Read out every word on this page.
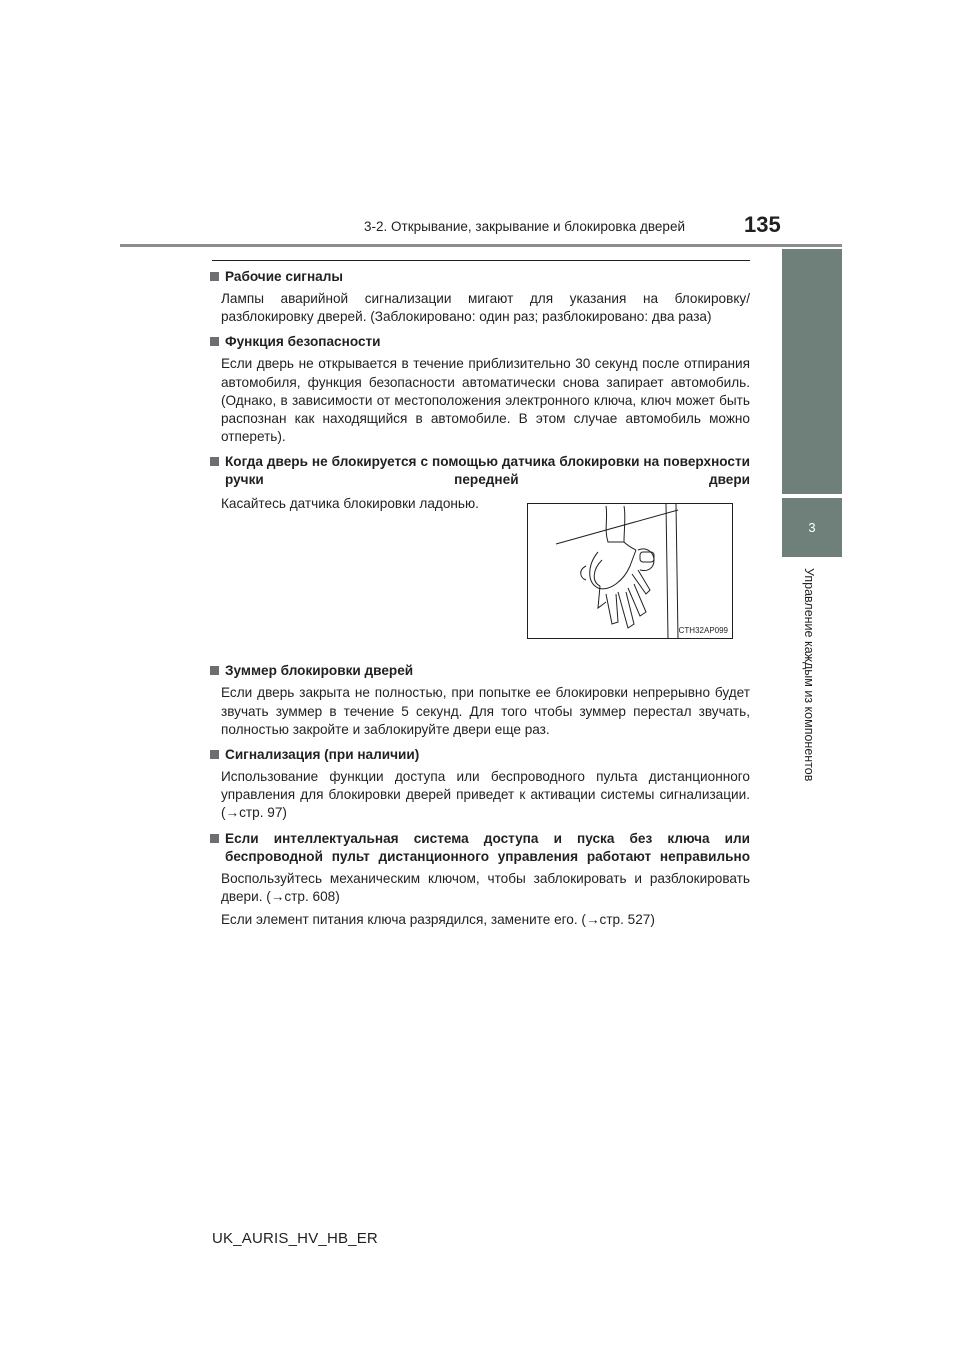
3-2. Открывание, закрывание и блокировка дверей	135
3
Управление каждым из компонентов
Рабочие сигналы

Лампы аварийной сигнализации мигают для указания на блокировку/разблокировку дверей. (Заблокировано: один раз; разблокировано: два раза)

Функция безопасности

Если дверь не открывается в течение приблизительно 30 секунд после отпирания автомобиля, функция безопасности автоматически снова запирает автомобиль. (Однако, в зависимости от местоположения электронного ключа, ключ может быть распознан как находящийся в автомобиле. В этом случае автомобиль можно отпереть).

Когда дверь не блокируется с помощью датчика блокировки на поверхности ручки передней двери

Касайтесь датчика блокировки ладонью.

CTH32AP099
Зуммер блокировки дверей

Если дверь закрыта не полностью, при попытке ее блокировки непрерывно будет звучать зуммер в течение 5 секунд. Для того чтобы зуммер перестал звучать, полностью закройте и заблокируйте двери еще раз.

Сигнализация (при наличии)

Использование функции доступа или беспроводного пульта дистанционного управления для блокировки дверей приведет к активации системы сигнализации. (→стр. 97)

Если интеллектуальная система доступа и пуска без ключа или беспроводной пульт дистанционного управления работают неправильно

Воспользуйтесь механическим ключом, чтобы заблокировать и разблокировать двери. (→стр. 608)

Если элемент питания ключа разрядился, замените его. (→стр. 527)

UK_AURIS_HV_HB_ER
